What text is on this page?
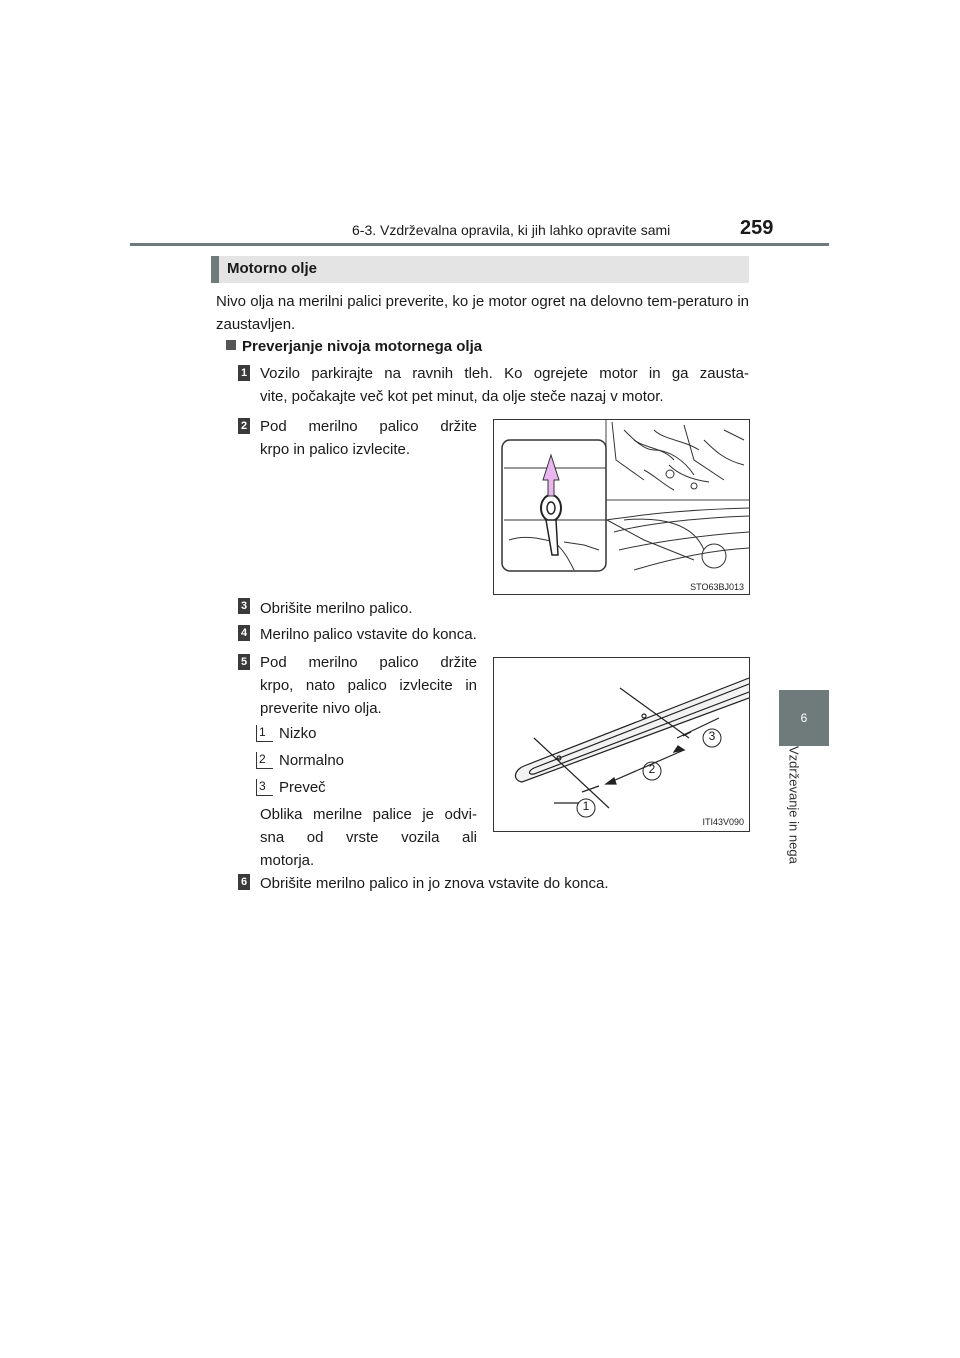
6-3. Vzdrževalna opravila, ki jih lahko opravite sami	259
6
Vzdrževanje in nega
Motorno olje
Nivo olja na merilni palici preverite, ko je motor ogret na delovno tem-peraturo in zaustavljen.
Preverjanje nivoja motornega olja
1 Vozilo parkirajte na ravnih tleh. Ko ogrejete motor in ga zausta-
vite, počakajte več kot pet minut, da olje steče nazaj v motor.
2 Pod merilno palico držite
krpo in palico izvlecite.
STO63BJ013
3 Obrišite merilno palico.
4 Merilno palico vstavite do konca.
5 Pod merilno palico držite
krpo, nato palico izvlecite in
preverite nivo olja.
1 Nizko
2 Normalno
3 Preveč
Oblika merilne palice je odvi-
sna od vrste vozila ali
motorja.
1
2
3
ITI43V090
6 Obrišite merilno palico in jo znova vstavite do konca.
